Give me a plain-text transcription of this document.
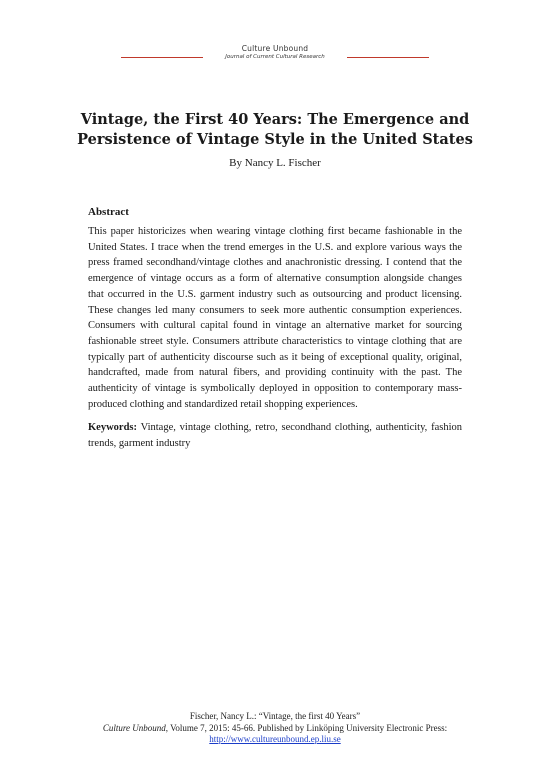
Culture Unbound
Journal of Current Cultural Research
Vintage, the First 40 Years: The Emergence and Persistence of Vintage Style in the United States
By Nancy L. Fischer
Abstract

This paper historicizes when wearing vintage clothing first became fashionable in the United States. I trace when the trend emerges in the U.S. and explore various ways the press framed secondhand/vintage clothes and anachronistic dressing. I contend that the emergence of vintage occurs as a form of alternative consumption alongside changes that occurred in the U.S. garment industry such as outsourcing and product licensing. These changes led many consumers to seek more authentic consumption experiences. Consumers with cultural capital found in vintage an alternative market for sourcing fashionable street style. Consumers attribute characteristics to vintage clothing that are typically part of authenticity discourse such as it being of exceptional quality, original, handcrafted, made from natural fibers, and providing continuity with the past. The authenticity of vintage is symbolically deployed in opposition to contemporary mass-produced clothing and standardized retail shopping experiences.

Keywords: Vintage, vintage clothing, retro, secondhand clothing, authenticity, fashion trends, garment industry

Fischer, Nancy L.: “Vintage, the first 40 Years”
Culture Unbound, Volume 7, 2015: 45-66. Published by Linköping University Electronic Press:
http://www.cultureunbound.ep.liu.se
